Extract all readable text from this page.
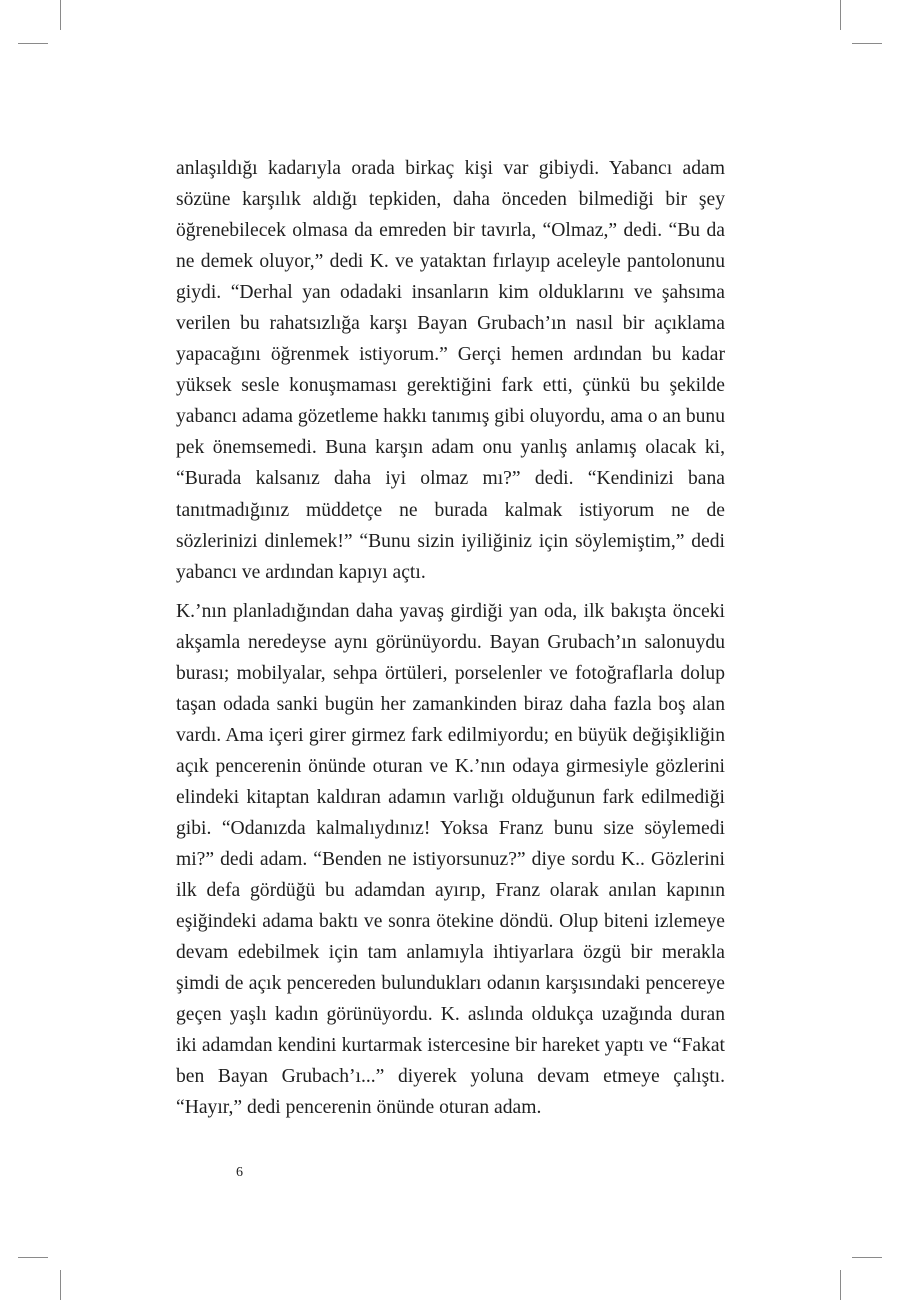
anlaşıldığı kadarıyla orada birkaç kişi var gibiydi. Yabancı adam sözüne karşılık aldığı tepkiden, daha önceden bilmediği bir şey öğrenebilecek olmasa da emreden bir tavırla, “Olmaz,” dedi. “Bu da ne demek oluyor,” dedi K. ve yataktan fırlayıp aceleyle pantolonunu giydi. “Derhal yan odadaki insanların kim olduklarını ve şahsıma verilen bu rahatsızlığa karşı Bayan Grubach’ın nasıl bir açıklama yapacağını öğrenmek istiyorum.” Gerçi hemen ardından bu kadar yüksek sesle konuşmaması gerektiğini fark etti, çünkü bu şekilde yabancı adama gözetleme hakkı tanımış gibi oluyordu, ama o an bunu pek önemsemedi. Buna karşın adam onu yanlış anlamış olacak ki, “Burada kalsanız daha iyi olmaz mı?” dedi. “Kendinizi bana tanıtmadığınız müddetçe ne burada kalmak istiyorum ne de sözlerinizi dinlemek!” “Bunu sizin iyiliğiniz için söylemiştim,” dedi yabancı ve ardından kapıyı açtı.

K.’nın planladığından daha yavaş girdiği yan oda, ilk bakışta önceki akşamla neredeyse aynı görünüyordu. Bayan Grubach’ın salonuydu burası; mobilyalar, sehpa örtüleri, porselenler ve fotoğraflarla dolup taşan odada sanki bugün her zamankinden biraz daha fazla boş alan vardı. Ama içeri girer girmez fark edilmiyordu; en büyük değişikliğin açık pencerenin önünde oturan ve K.’nın odaya girmesiyle gözlerini elindeki kitaptan kaldıran adamın varlığı olduğunun fark edilmediği gibi. “Odanızda kalmalıydınız! Yoksa Franz bunu size söylemedi mi?” dedi adam. “Benden ne istiyorsunuz?” diye sordu K.. Gözlerini ilk defa gördüğü bu adamdan ayırıp, Franz olarak anılan kapının eşiğindeki adama baktı ve sonra ötekine döndü. Olup biteni izlemeye devam edebilmek için tam anlamıyla ihtiyarlara özgü bir merakla şimdi de açık pencereden bulundukları odanın karşısındaki pencereye geçen yaşlı kadın görünüyordu. K. aslında oldukça uzağında duran iki adamdan kendini kurtarmak istercesine bir hareket yaptı ve “Fakat ben Bayan Grubach’ı...” diyerek yoluna devam etmeye çalıştı. “Hayır,” dedi pencerenin önünde oturan adam.

6
